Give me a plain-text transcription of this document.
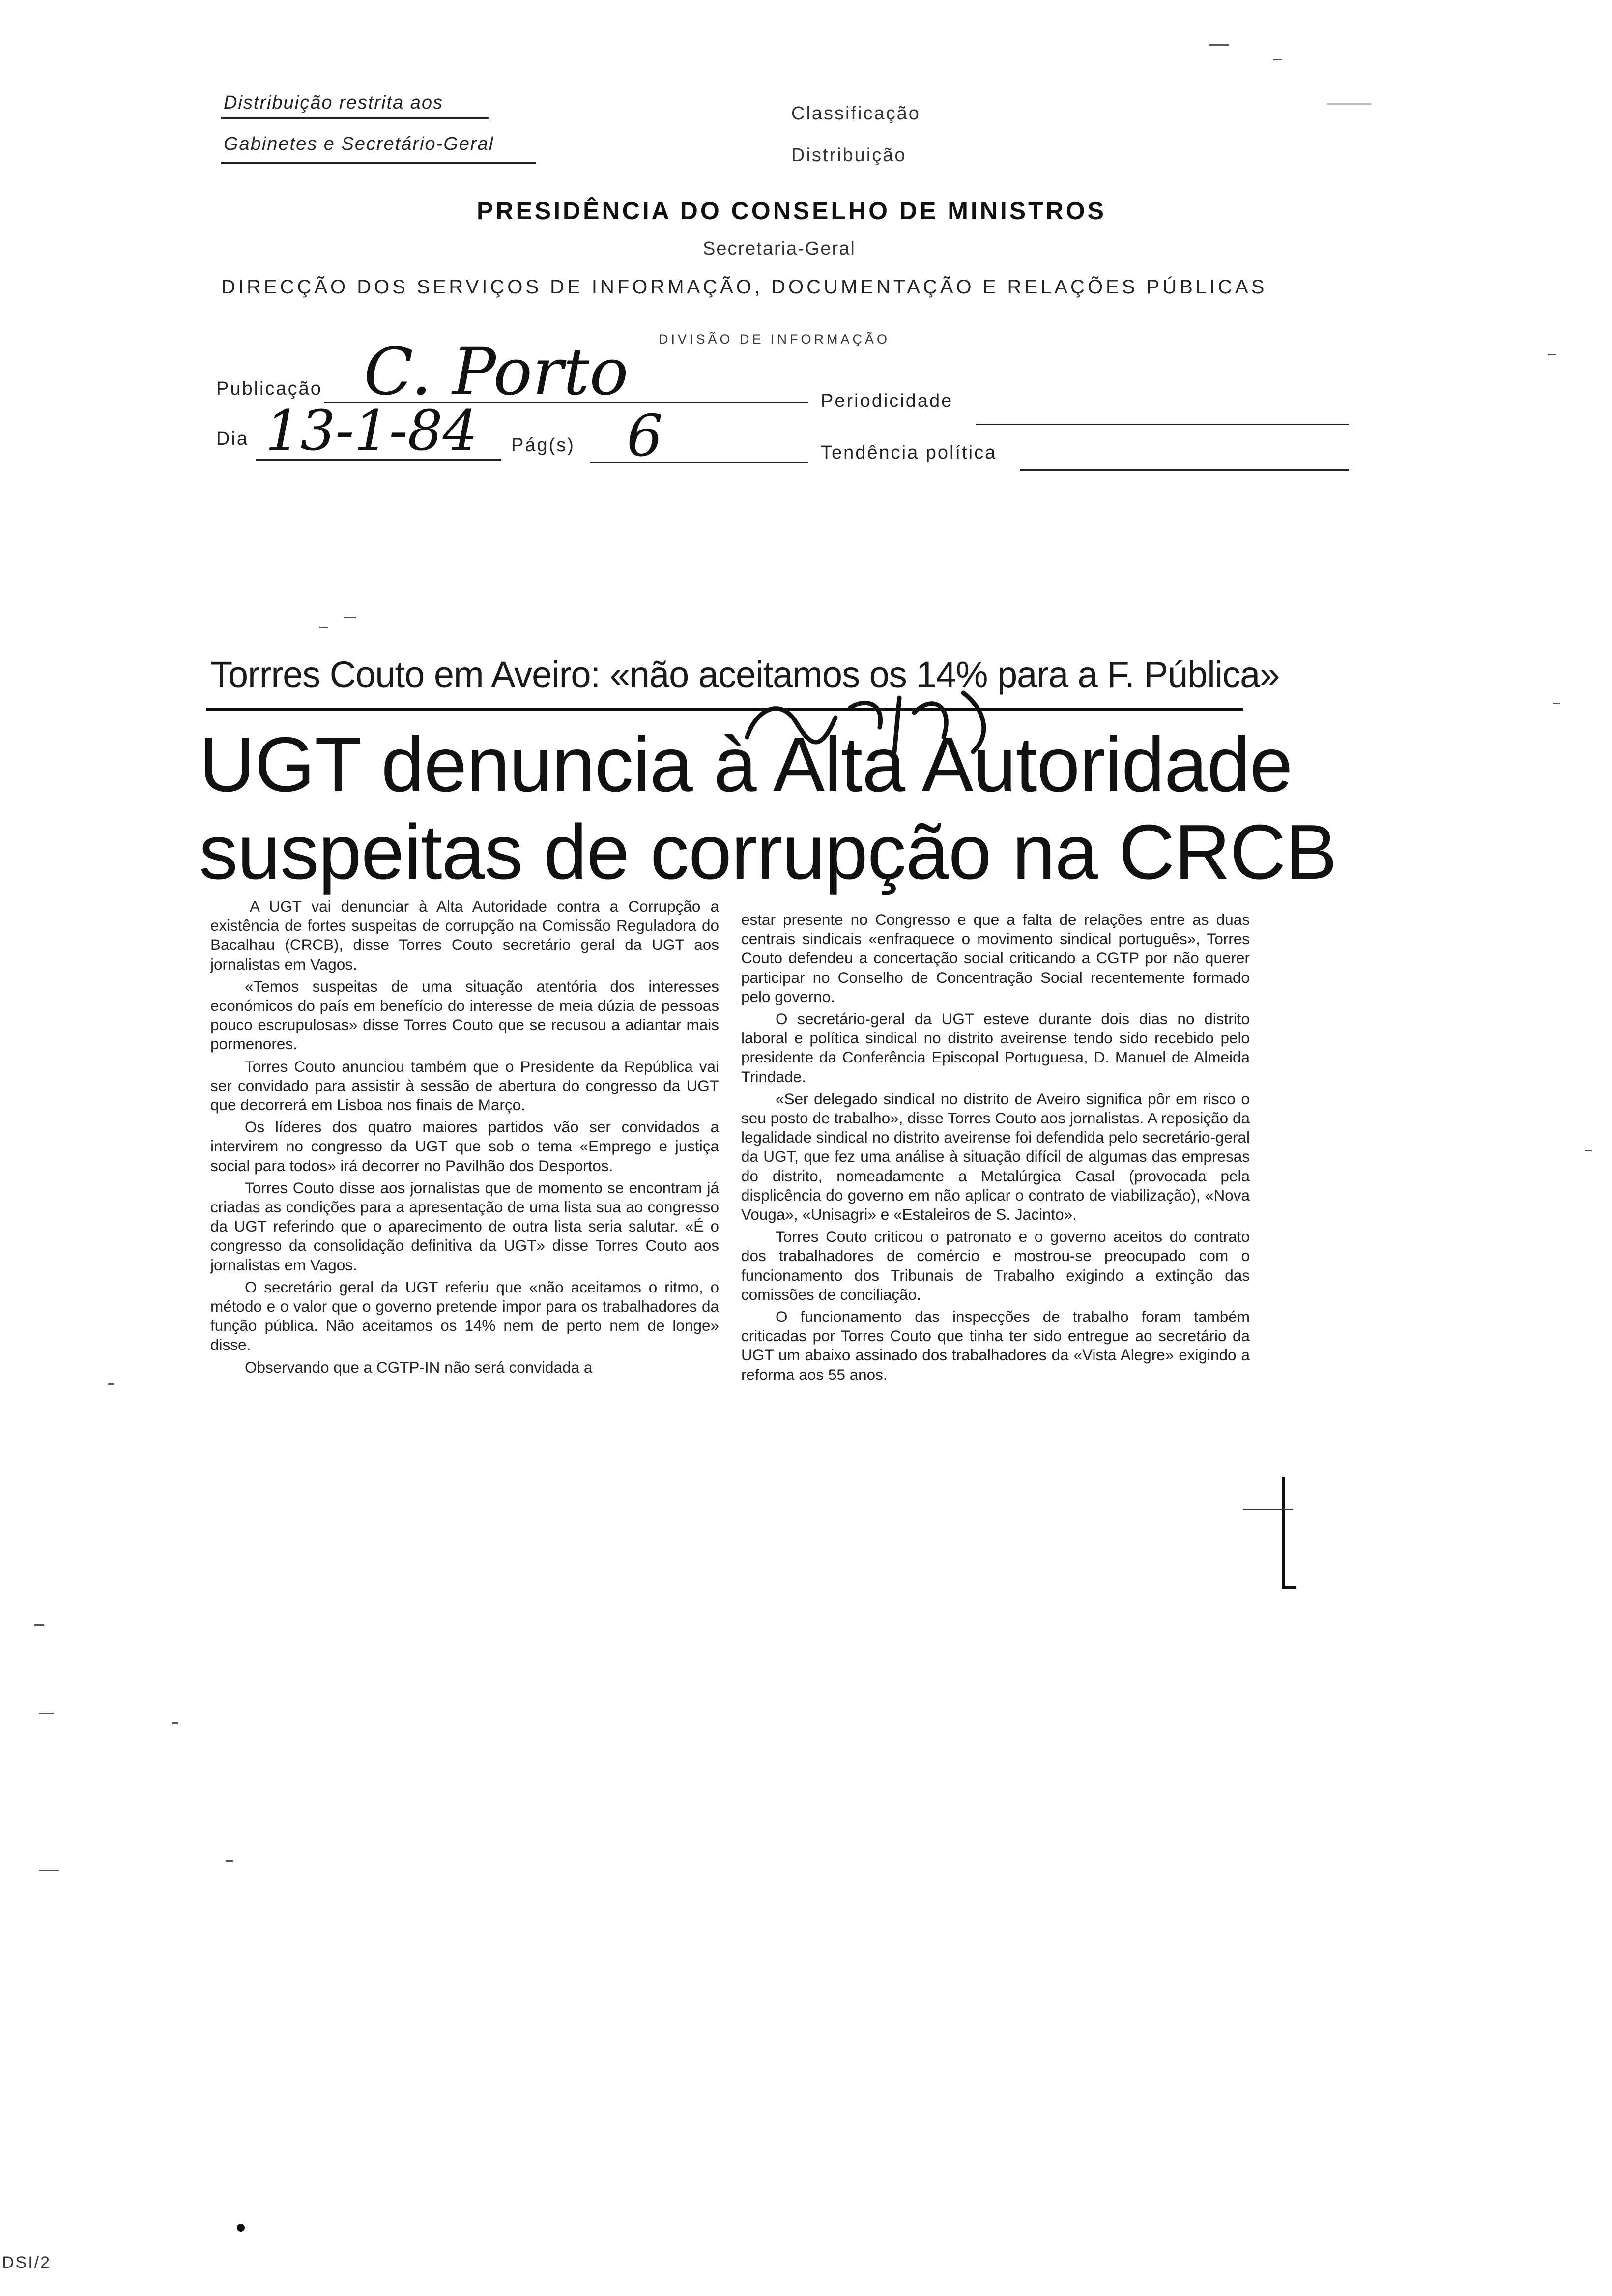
Distribuição restrita aos
Gabinetes e Secretário-Geral
Classificação
Distribuição
PRESIDÊNCIA DO CONSELHO DE MINISTROS
Secretaria-Geral
DIRECÇÃO DOS SERVIÇOS DE INFORMAÇÃO, DOCUMENTAÇÃO E RELAÇÕES PÚBLICAS
DIVISÃO DE INFORMAÇÃO
Publicação C. Porto	Periodicidade
Dia 13-1-84 Pág(s) 6	Tendência política
Torrres Couto em Aveiro: «não aceitamos os 14% para a F. Pública»
UGT denuncia à Alta Autoridade
suspeitas de corrupção na CRCB

A UGT vai denunciar à Alta Autoridade contra a Corrupção a existência de fortes suspeitas de corrupção na Comissão Reguladora do Bacalhau (CRCB), disse Torres Couto secretário geral da UGT aos jornalistas em Vagos.

«Temos suspeitas de uma situação atentória dos interesses económicos do país em benefício do interesse de meia dúzia de pessoas pouco escrupulosas» disse Torres Couto que se recusou a adiantar mais pormenores.

Torres Couto anunciou também que o Presidente da República vai ser convidado para assistir à sessão de abertura do congresso da UGT que decorrerá em Lisboa nos finais de Março.

Os líderes dos quatro maiores partidos vão ser convidados a intervirem no congresso da UGT que sob o tema «Emprego e justiça social para todos» irá decorrer no Pavilhão dos Desportos.

Torres Couto disse aos jornalistas que de momento se encontram já criadas as condições para a apresentação de uma lista sua ao congresso da UGT referindo que o aparecimento de outra lista seria salutar. «É o congresso da consolidação definitiva da UGT» disse Torres Couto aos jornalistas em Vagos.

O secretário geral da UGT referiu que «não aceitamos o ritmo, o método e o valor que o governo pretende impor para os trabalhadores da função pública. Não aceitamos os 14% nem de perto nem de longe» disse.

Observando que a CGTP-IN não será convidada a

estar presente no Congresso e que a falta de relações entre as duas centrais sindicais «enfraquece o movimento sindical português», Torres Couto defendeu a concertação social criticando a CGTP por não querer participar no Conselho de Concentração Social recentemente formado pelo governo.

O secretário-geral da UGT esteve durante dois dias no distrito laboral e política sindical no distrito aveirense tendo sido recebido pelo presidente da Conferência Episcopal Portuguesa, D. Manuel de Almeida Trindade.

«Ser delegado sindical no distrito de Aveiro significa pôr em risco o seu posto de trabalho», disse Torres Couto aos jornalistas. A reposição da legalidade sindical no distrito aveirense foi defendida pelo secretário-geral da UGT, que fez uma análise à situação difícil de algumas das empresas do distrito, nomeadamente a Metalúrgica Casal (provocada pela displicência do governo em não aplicar o contrato de viabilização), «Nova Vouga», «Unisagri» e «Estaleiros de S. Jacinto».

Torres Couto criticou o patronato e o governo aceitos do contrato dos trabalhadores de comércio e mostrou-se preocupado com o funcionamento dos Tribunais de Trabalho exigindo a extinção das comissões de conciliação.

O funcionamento das inspecções de trabalho foram também criticadas por Torres Couto que tinha ter sido entregue ao secretário da UGT um abaixo assinado dos trabalhadores da «Vista Alegre» exigindo a reforma aos 55 anos.

DSI/2
